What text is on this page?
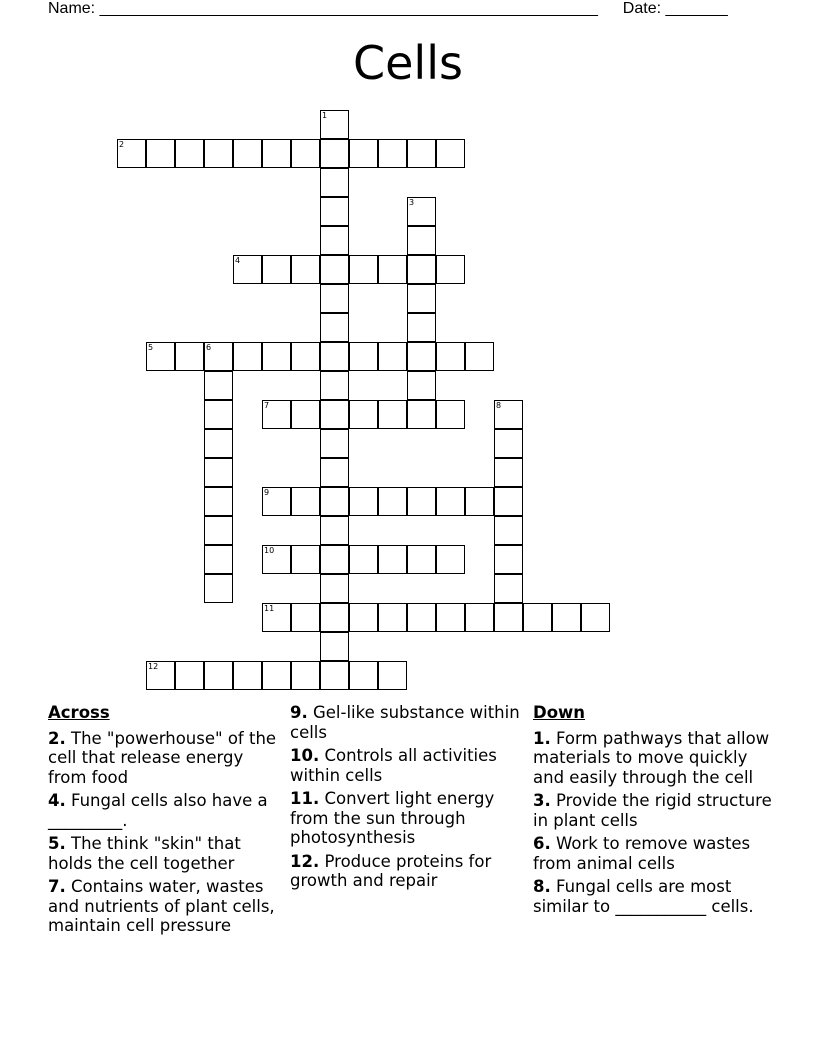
Name: ________________________________________________________ Date: _______
Cells
1
2
3
4
5	6
7	8
9
10
11
12
Across
2. The "powerhouse" of the cell that release energy from food
4. Fungal cells also have a _________.
5. The think "skin" that holds the cell together
7. Contains water, wastes and nutrients of plant cells, maintain cell pressure
9. Gel-like substance within cells
10. Controls all activities within cells
11. Convert light energy from the sun through photosynthesis
12. Produce proteins for growth and repair
Down
1. Form pathways that allow materials to move quickly and easily through the cell
3. Provide the rigid structure in plant cells
6. Work to remove wastes from animal cells
8. Fungal cells are most similar to ___________ cells.
